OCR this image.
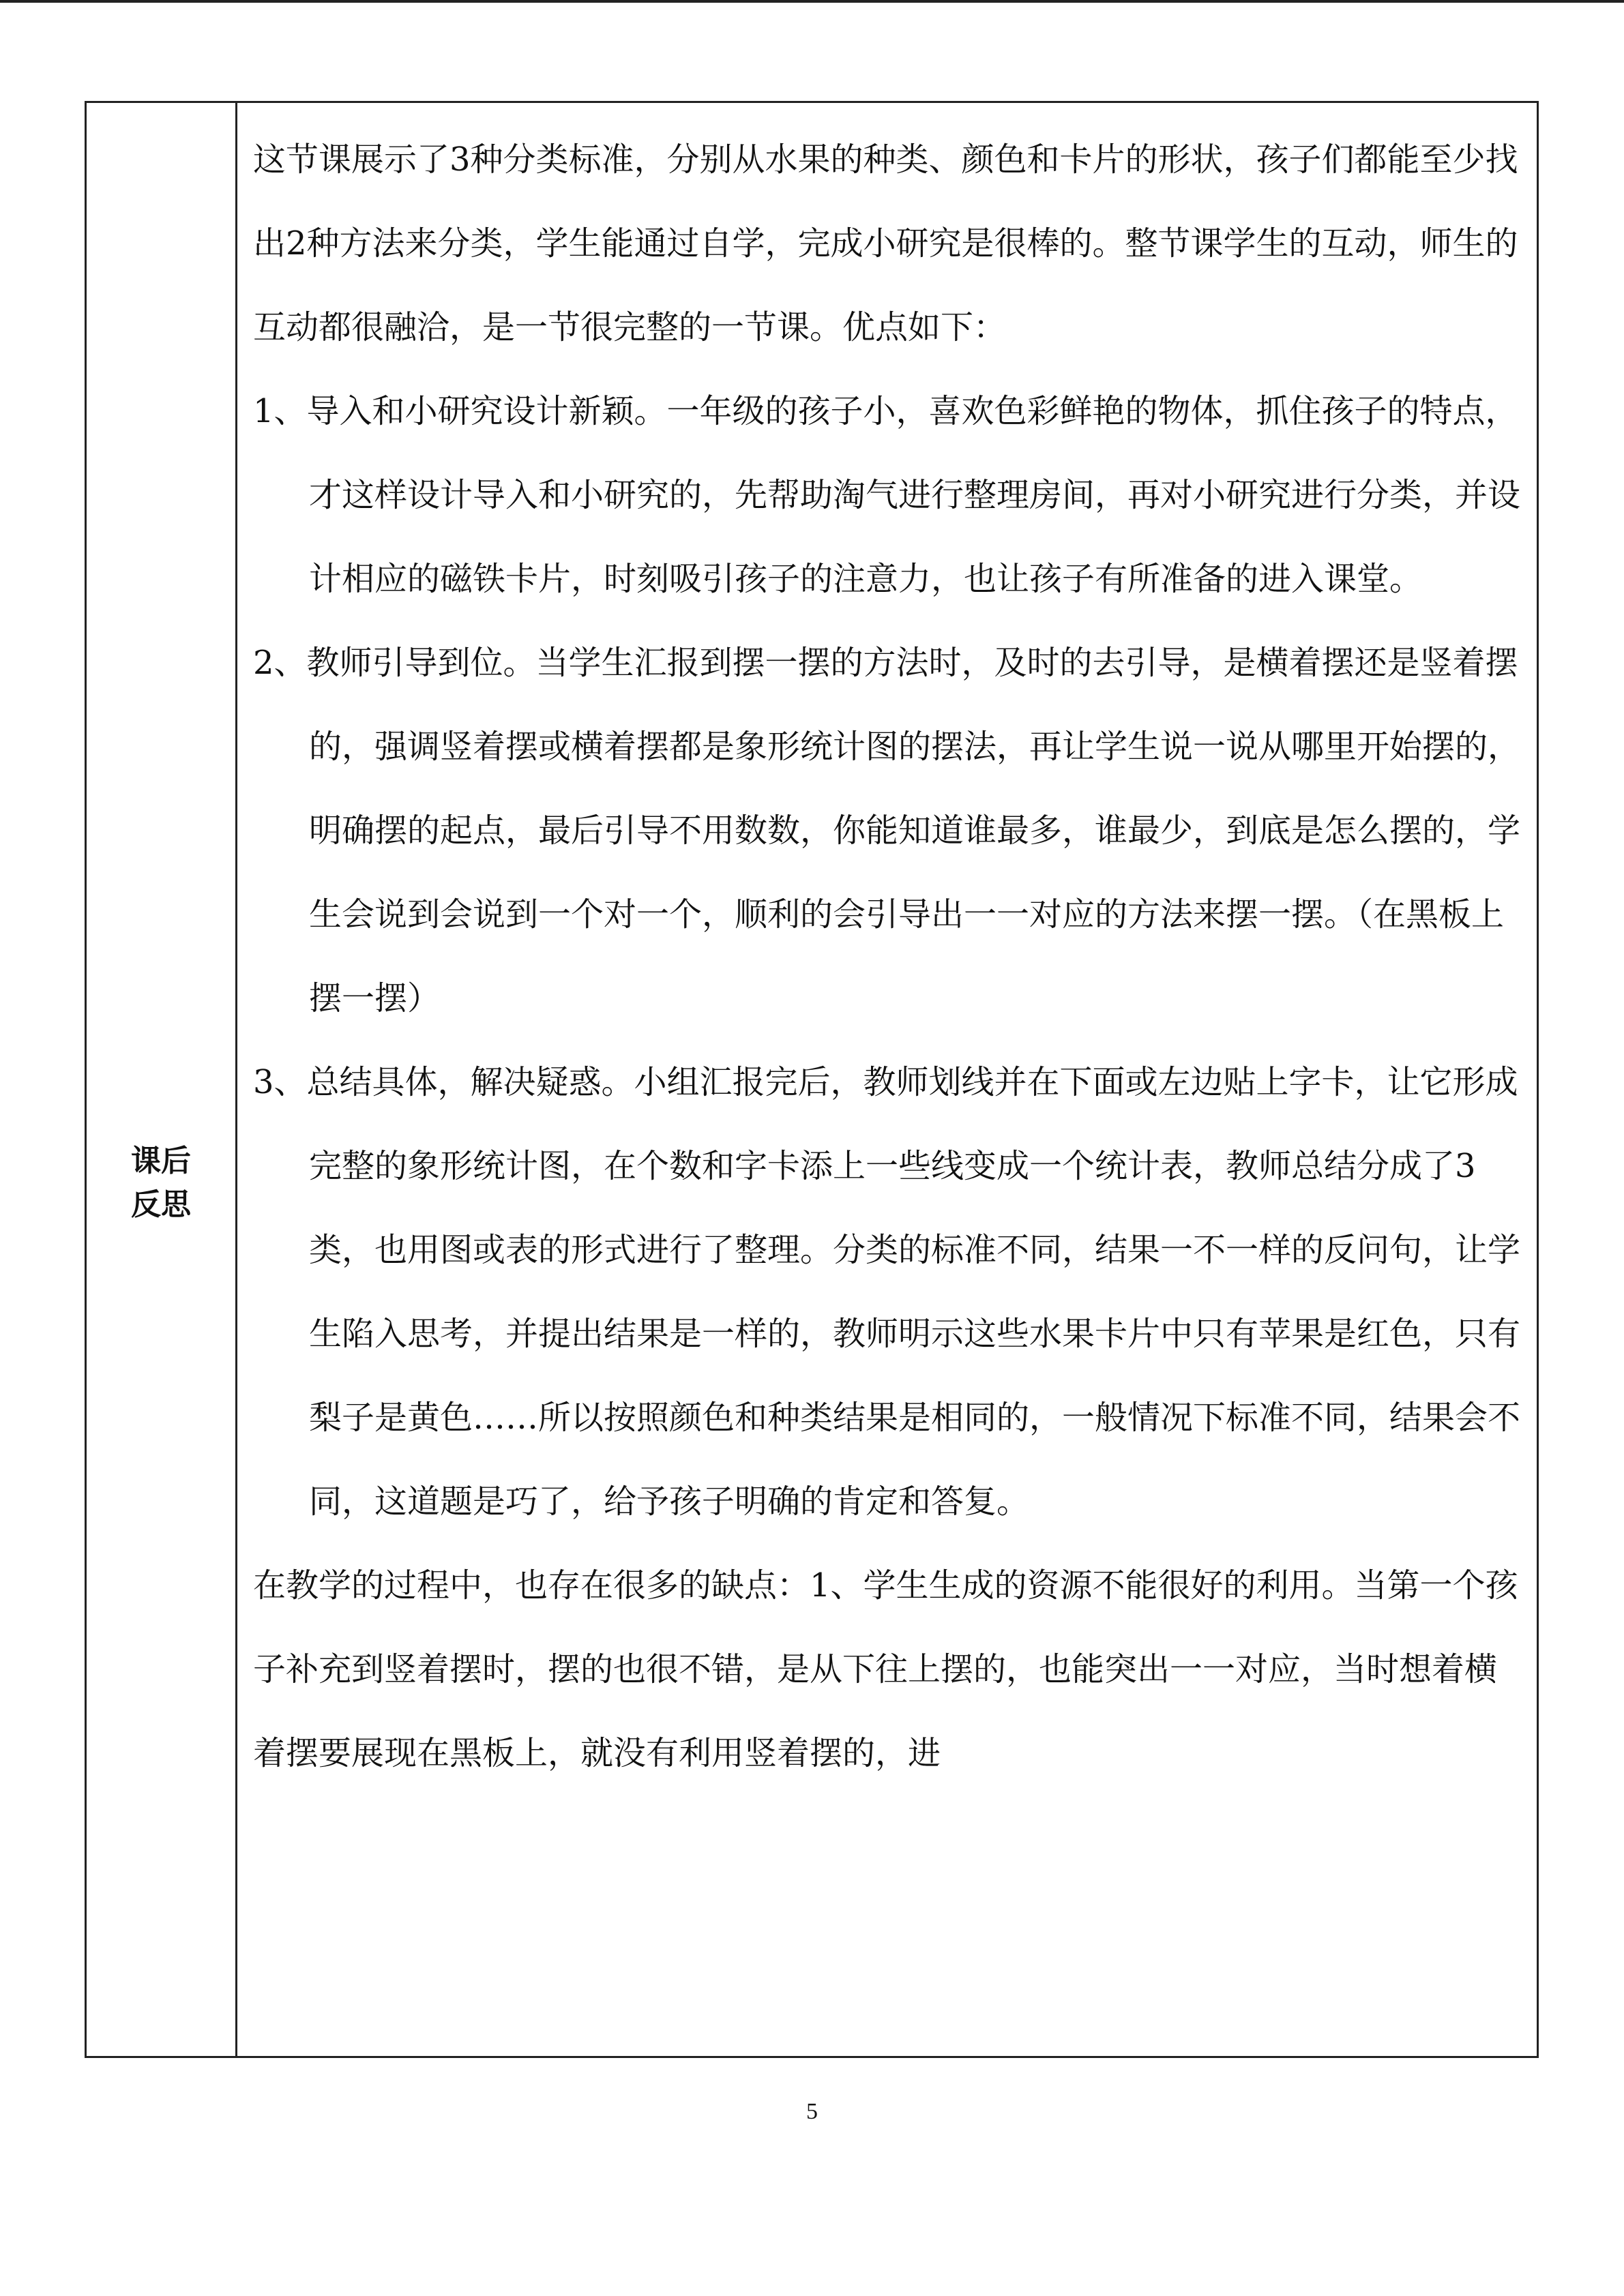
课后
反思

这节课展示了3种分类标准，分别从水果的种类、颜色和卡片的形状，孩子们都能至少找出2种方法来分类，学生能通过自学，完成小研究是很棒的。整节课学生的互动，师生的互动都很融洽，是一节很完整的一节课。优点如下：

1、导入和小研究设计新颖。一年级的孩子小，喜欢色彩鲜艳的物体，抓住孩子的特点，才这样设计导入和小研究的，先帮助淘气进行整理房间，再对小研究进行分类，并设计相应的磁铁卡片，时刻吸引孩子的注意力，也让孩子有所准备的进入课堂。

2、教师引导到位。当学生汇报到摆一摆的方法时，及时的去引导，是横着摆还是竖着摆的，强调竖着摆或横着摆都是象形统计图的摆法，再让学生说一说从哪里开始摆的，明确摆的起点，最后引导不用数数，你能知道谁最多，谁最少，到底是怎么摆的，学生会说到会说到一个对一个，顺利的会引导出一一对应的方法来摆一摆。（在黑板上摆一摆）

3、总结具体，解决疑惑。小组汇报完后，教师划线并在下面或左边贴上字卡，让它形成完整的象形统计图，在个数和字卡添上一些线变成一个统计表，教师总结分成了3类，也用图或表的形式进行了整理。分类的标准不同，结果一不一样的反问句，让学生陷入思考，并提出结果是一样的，教师明示这些水果卡片中只有苹果是红色，只有梨子是黄色……所以按照颜色和种类结果是相同的，一般情况下标准不同，结果会不同，这道题是巧了，给予孩子明确的肯定和答复。

在教学的过程中，也存在很多的缺点：1、学生生成的资源不能很好的利用。当第一个孩子补充到竖着摆时，摆的也很不错，是从下往上摆的，也能突出一一对应，当时想着横着摆要展现在黑板上，就没有利用竖着摆的，进

5
